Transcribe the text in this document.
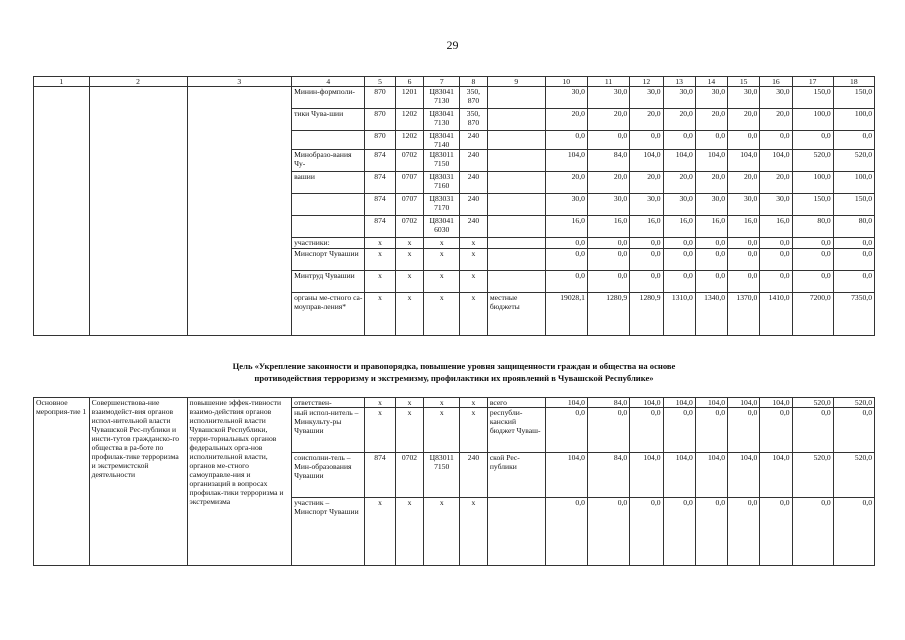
29
1	2	3	4	5	6	7	8	9	10	11	12	13	14	15	16	17	18
			Минин-формполи-	870	1201	Ц83041 7130	350, 870		30,0	30,0	30,0	30,0	30,0	30,0	30,0	150,0	150,0
			тики Чува-шии	870	1202	Ц83041 7130	350, 870		20,0	20,0	20,0	20,0	20,0	20,0	20,0	100,0	100,0
				870	1202	Ц83041 7140	240		0,0	0,0	0,0	0,0	0,0	0,0	0,0	0,0	0,0
			Минобразо-вания Чу-	874	0702	Ц83011 7150	240		104,0	84,0	104,0	104,0	104,0	104,0	104,0	520,0	520,0
			вашии	874	0707	Ц83031 7160	240		20,0	20,0	20,0	20,0	20,0	20,0	20,0	100,0	100,0
				874	0707	Ц83031 7170	240		30,0	30,0	30,0	30,0	30,0	30,0	30,0	150,0	150,0
				874	0702	Ц83041 6030	240		16,0	16,0	16,0	16,0	16,0	16,0	16,0	80,0	80,0
			участники:	х	х	х	х		0,0	0,0	0,0	0,0	0,0	0,0	0,0	0,0	0,0
			Минспорт Чувашии	х	х	х	х		0,0	0,0	0,0	0,0	0,0	0,0	0,0	0,0	0,0
			Минтруд Чувашии	х	х	х	х		0,0	0,0	0,0	0,0	0,0	0,0	0,0	0,0	0,0
			органы ме-стного са-моуправ-ления*	х	х	х	х	местные бюджеты	19028,1	1280,9	1280,9	1310,0	1340,0	1370,0	1410,0	7200,0	7350,0
Цель «Укрепление законности и правопорядка, повышение уровня защищенности граждан и общества на основе
противодействия терроризму и экстремизму, профилактики их проявлений в Чувашской Республике»
Основное мероприя-тие 1	Совершенствова-ние взаимодейст-вия органов испол-нительной власти Чувашской Рес-публики и инсти-тутов гражданско-го общества в ра-боте по профилак-тике терроризма и экстремистской деятельности	повышение эффек-тивности взаимо-действия органов исполнительной власти Чувашской Республики, терри-ториальных органов федеральных орга-нов исполнительной власти, органов ме-стного самоуправле-ния и организаций в вопросах профилак-тики терроризма и экстремизма	ответствен-	х	х	х	х	всего	104,0	84,0	104,0	104,0	104,0	104,0	104,0	520,0	520,0
			ный испол-нитель – Минкульту-ры Чувашии	х	х	х	х	республи-канский бюджет Чуваш-	0,0	0,0	0,0	0,0	0,0	0,0	0,0	0,0	0,0
			соисполни-тель – Мин-образования Чувашии	874	0702	Ц83011 7150	240	ской Рес-публики	104,0	84,0	104,0	104,0	104,0	104,0	104,0	520,0	520,0
			участник – Минспорт Чувашии	х	х	х	х		0,0	0,0	0,0	0,0	0,0	0,0	0,0	0,0	0,0
